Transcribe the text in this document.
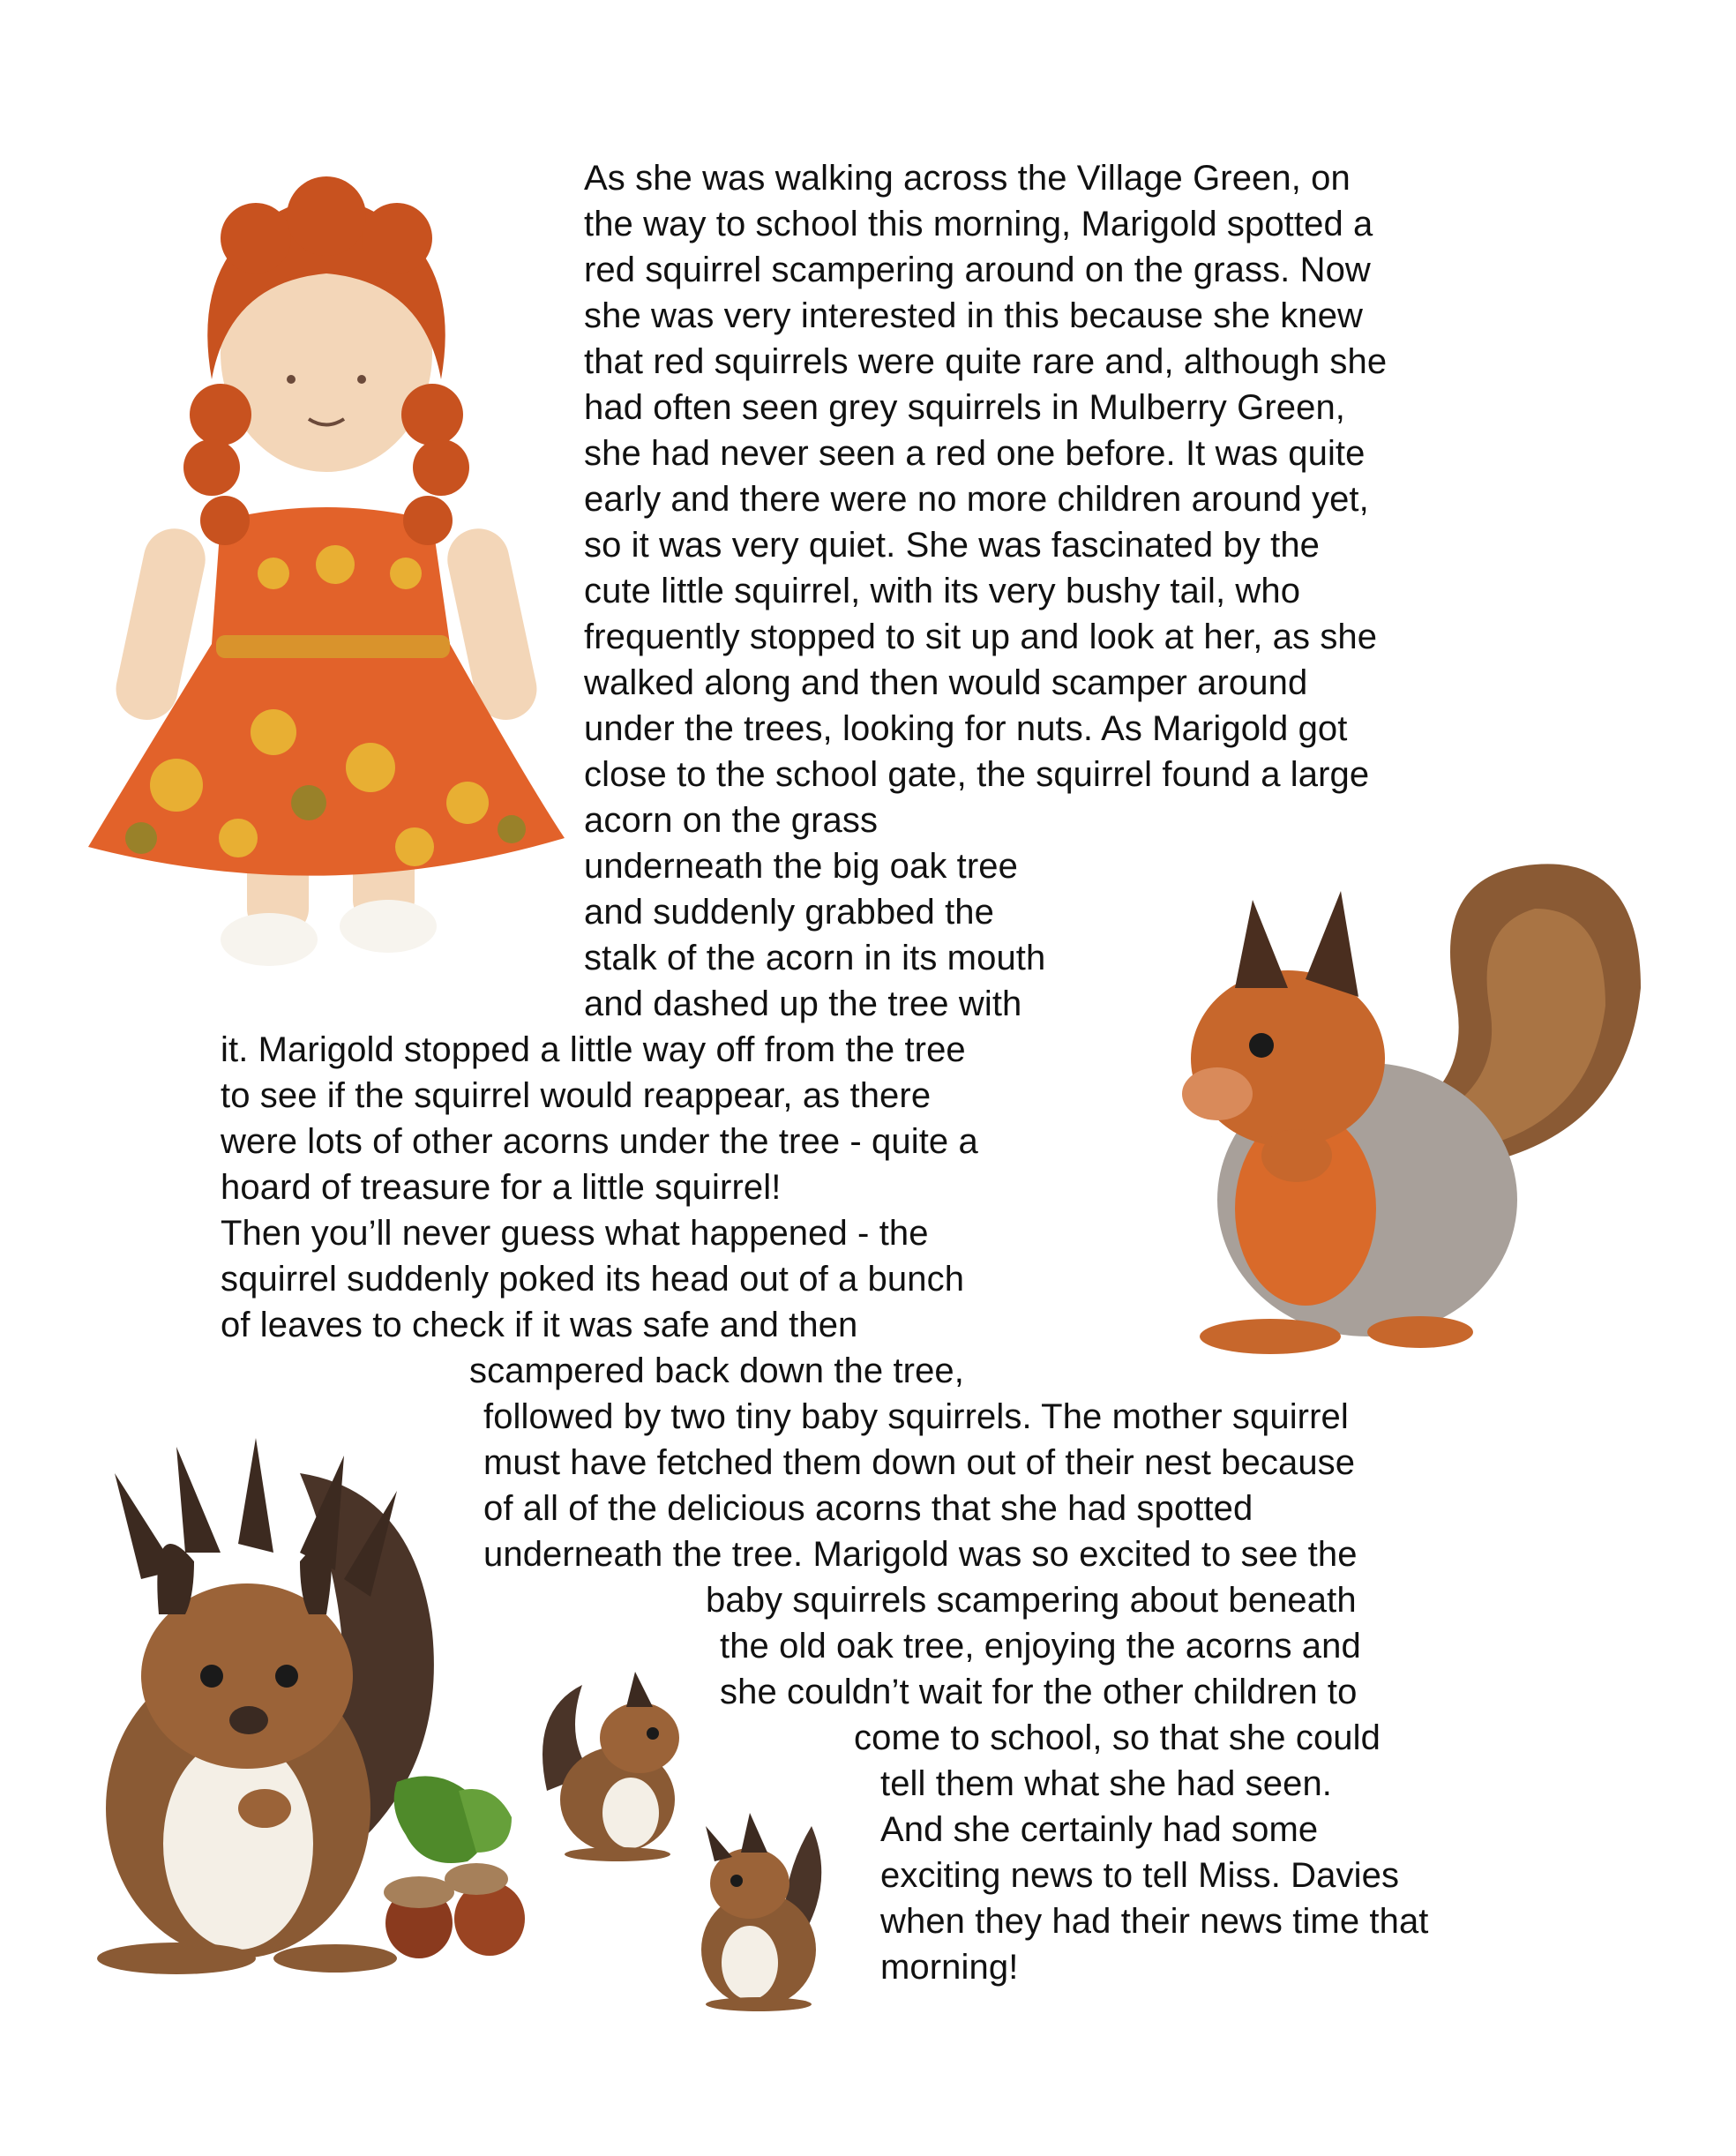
As she was walking across the Village Green, on
the way to school this morning, Marigold spotted a
red squirrel scampering around on the grass. Now
she was very interested in this because she knew
that red squirrels were quite rare and, although she
had often seen grey squirrels in Mulberry Green,
she had never seen a red one before. It was quite
early and there were no more children around yet,
so it was very quiet. She was fascinated by the
cute little squirrel, with its very bushy tail, who
frequently stopped to sit up and look at her, as she
walked along and then would scamper around
under the trees, looking for nuts. As Marigold got
close to the school gate, the squirrel found a large
acorn on the grass
underneath the big oak tree
and suddenly grabbed the
stalk of the acorn in its mouth
and dashed up the tree with
it. Marigold stopped a little way off from the tree
to see if the squirrel would reappear, as there
were lots of other acorns under the tree - quite a
hoard of treasure for a little squirrel!
Then you’ll never guess what happened - the
squirrel suddenly poked its head out of a bunch
of leaves to check if it was safe and then
scampered back down the tree,
followed by two tiny baby squirrels. The mother squirrel
must have fetched them down out of their nest because
of all of the delicious acorns that she had spotted
underneath the tree. Marigold was so excited to see the
baby squirrels scampering about beneath
the old oak tree, enjoying the acorns and
she couldn’t wait for the other children to
come to school, so that she could
tell them what she had seen.
And she certainly had some
exciting news to tell Miss. Davies
when they had their news time that
morning!
